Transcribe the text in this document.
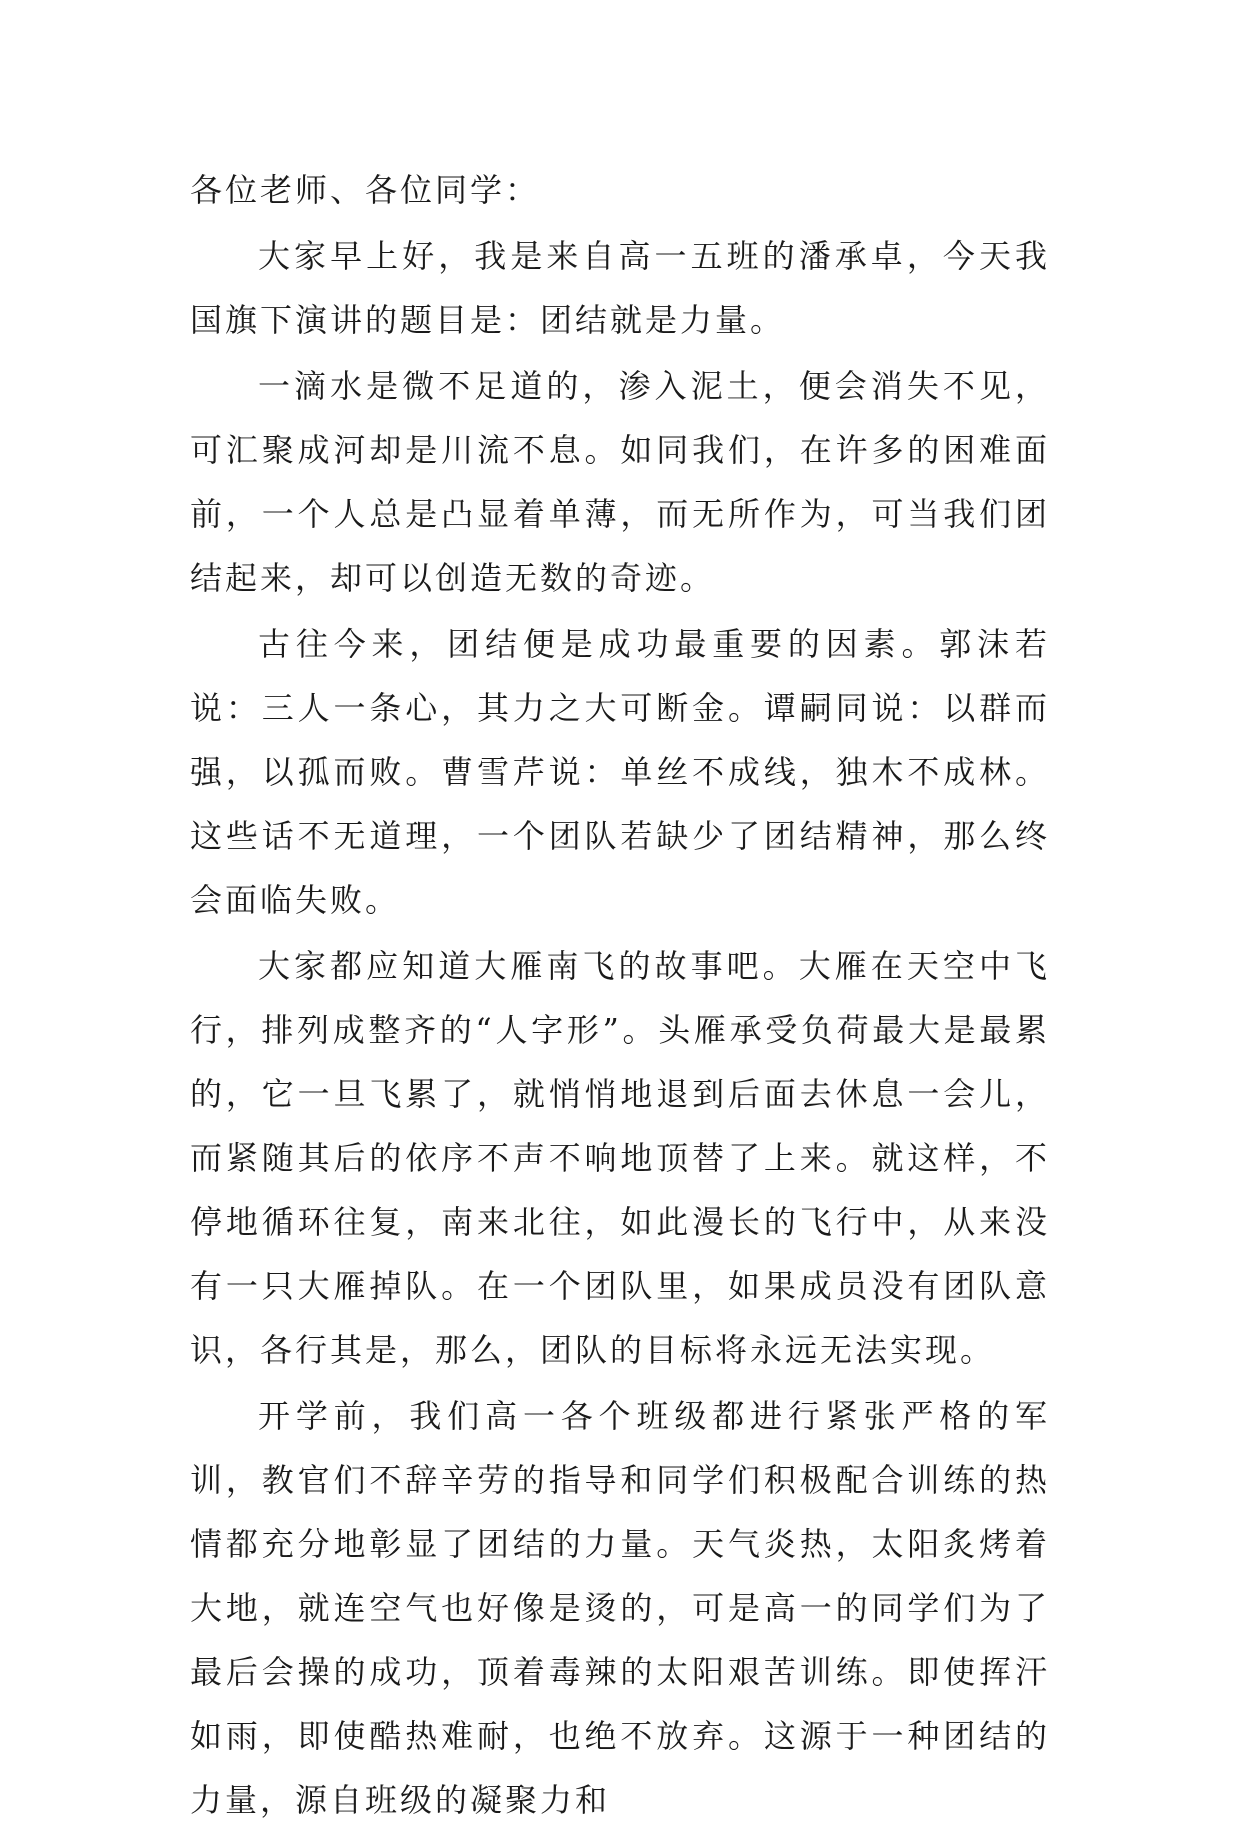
各位老师、各位同学：

大家早上好，我是来自高一五班的潘承卓，今天我国旗下演讲的题目是：团结就是力量。

一滴水是微不足道的，渗入泥土，便会消失不见，可汇聚成河却是川流不息。如同我们，在许多的困难面前，一个人总是凸显着单薄，而无所作为，可当我们团结起来，却可以创造无数的奇迹。

古往今来，团结便是成功最重要的因素。郭沫若说：三人一条心，其力之大可断金。谭嗣同说：以群而强，以孤而败。曹雪芹说：单丝不成线，独木不成林。这些话不无道理，一个团队若缺少了团结精神，那么终会面临失败。

大家都应知道大雁南飞的故事吧。大雁在天空中飞行，排列成整齐的“人字形”。头雁承受负荷最大是最累的，它一旦飞累了，就悄悄地退到后面去休息一会儿，而紧随其后的依序不声不响地顶替了上来。就这样，不停地循环往复，南来北往，如此漫长的飞行中，从来没有一只大雁掉队。在一个团队里，如果成员没有团队意识，各行其是，那么，团队的目标将永远无法实现。

开学前，我们高一各个班级都进行紧张严格的军训，教官们不辞辛劳的指导和同学们积极配合训练的热情都充分地彰显了团结的力量。天气炎热，太阳炙烤着大地，就连空气也好像是烫的，可是高一的同学们为了最后会操的成功，顶着毒辣的太阳艰苦训练。即使挥汗如雨，即使酷热难耐，也绝不放弃。这源于一种团结的力量，源自班级的凝聚力和
